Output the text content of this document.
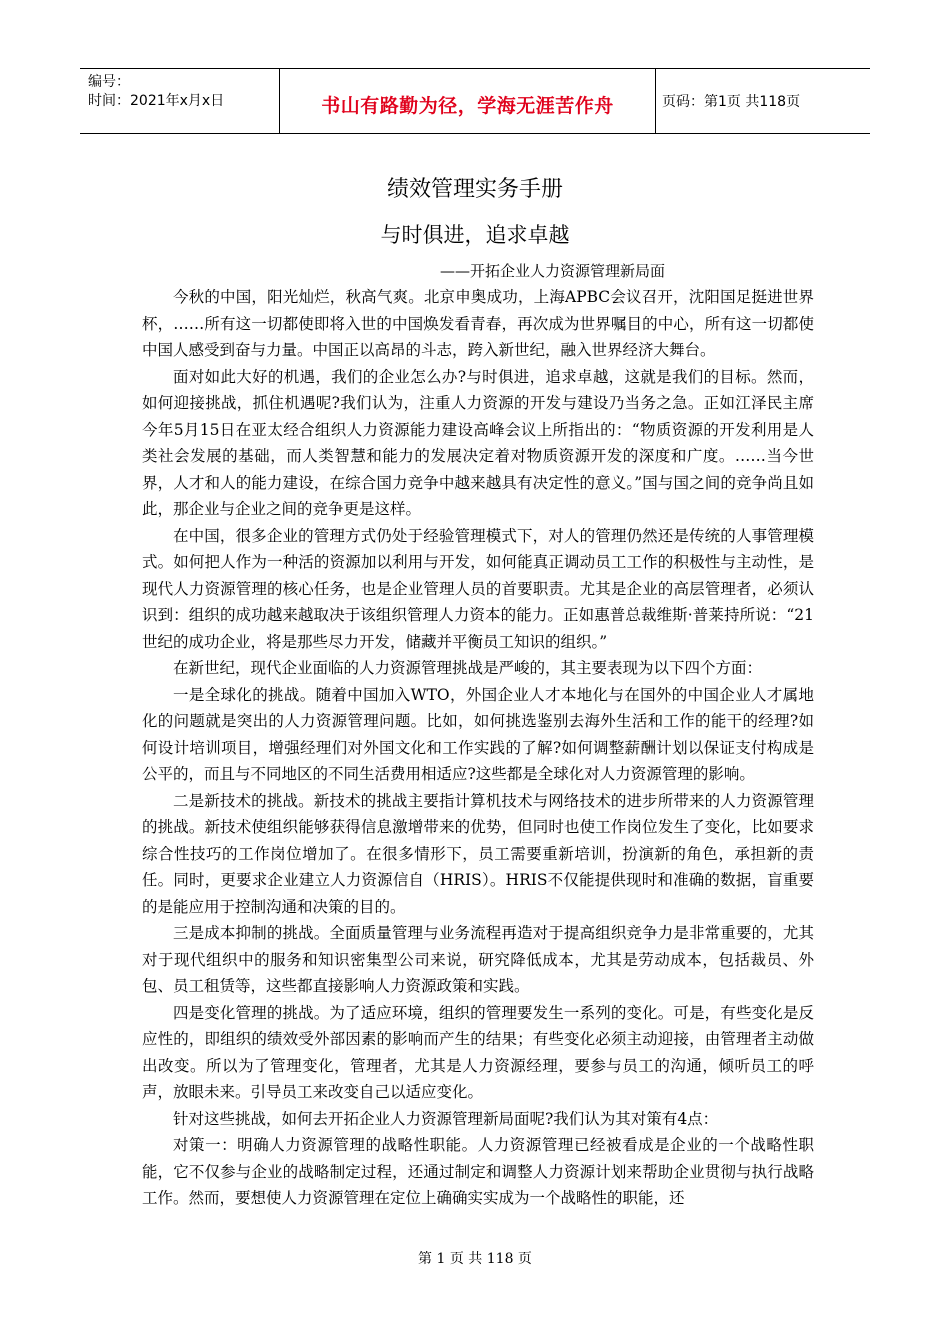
编号：
时间：2021年x月x日	书山有路勤为径，学海无涯苦作舟	页码：第1页 共118页
绩效管理实务手册
与时俱进，追求卓越

——开拓企业人力资源管理新局面

今秋的中国，阳光灿烂，秋高气爽。北京申奥成功，上海APBC会议召开，沈阳国足挺进世界杯，……所有这一切都使即将入世的中国焕发看青春，再次成为世界嘱目的中心，所有这一切都使中国人感受到奋与力量。中国正以高昂的斗志，跨入新世纪，融入世界经济大舞台。

面对如此大好的机遇，我们的企业怎么办?与时俱进，追求卓越，这就是我们的目标。然而，如何迎接挑战，抓住机遇呢?我们认为，注重人力资源的开发与建设乃当务之急。正如江泽民主席今年5月15日在亚太经合组织人力资源能力建设高峰会议上所指出的：“物质资源的开发利用是人类社会发展的基础，而人类智慧和能力的发展决定着对物质资源开发的深度和广度。……当今世界，人才和人的能力建设，在综合国力竞争中越来越具有决定性的意义。”国与国之间的竞争尚且如此，那企业与企业之间的竞争更是这样。

在中国，很多企业的管理方式仍处于经验管理模式下，对人的管理仍然还是传统的人事管理模式。如何把人作为一种活的资源加以利用与开发，如何能真正调动员工工作的积极性与主动性，是现代人力资源管理的核心任务，也是企业管理人员的首要职责。尤其是企业的高层管理者，必须认识到：组织的成功越来越取决于该组织管理人力资本的能力。正如惠普总裁维斯·普莱持所说：“21世纪的成功企业，将是那些尽力开发，储藏并平衡员工知识的组织。”

在新世纪，现代企业面临的人力资源管理挑战是严峻的，其主要表现为以下四个方面：

一是全球化的挑战。随着中国加入WTO，外国企业人才本地化与在国外的中国企业人才属地化的问题就是突出的人力资源管理问题。比如，如何挑选鉴别去海外生活和工作的能干的经理?如何设计培训项目，增强经理们对外国文化和工作实践的了解?如何调整薪酬计划以保证支付构成是公平的，而且与不同地区的不同生活费用相适应?这些都是全球化对人力资源管理的影响。

二是新技术的挑战。新技术的挑战主要指计算机技术与网络技术的进步所带来的人力资源管理的挑战。新技术使组织能够获得信息激增带来的优势，但同时也使工作岗位发生了变化，比如要求综合性技巧的工作岗位增加了。在很多情形下，员工需要重新培训，扮演新的角色，承担新的责任。同时，更要求企业建立人力资源信自（HRIS）。HRIS不仅能提供现时和准确的数据，盲重要的是能应用于控制沟通和决策的目的。

三是成本抑制的挑战。全面质量管理与业务流程再造对于提高组织竞争力是非常重要的，尤其对于现代组织中的服务和知识密集型公司来说，研究降低成本，尤其是劳动成本，包括裁员、外包、员工租赁等，这些都直接影响人力资源政策和实践。

四是变化管理的挑战。为了适应环境，组织的管理要发生一系列的变化。可是，有些变化是反应性的，即组织的绩效受外部因素的影响而产生的结果；有些变化必须主动迎接，由管理者主动做出改变。所以为了管理变化，管理者，尤其是人力资源经理，要参与员工的沟通，倾听员工的呼声，放眼未来。引导员工来改变自己以适应变化。

针对这些挑战，如何去开拓企业人力资源管理新局面呢?我们认为其对策有4点：

对策一：明确人力资源管理的战略性职能。人力资源管理已经被看成是企业的一个战略性职能，它不仅参与企业的战略制定过程，还通过制定和调整人力资源计划来帮助企业贯彻与执行战略工作。然而，要想使人力资源管理在定位上确确实实成为一个战略性的职能，还

第 1 页 共 118 页
